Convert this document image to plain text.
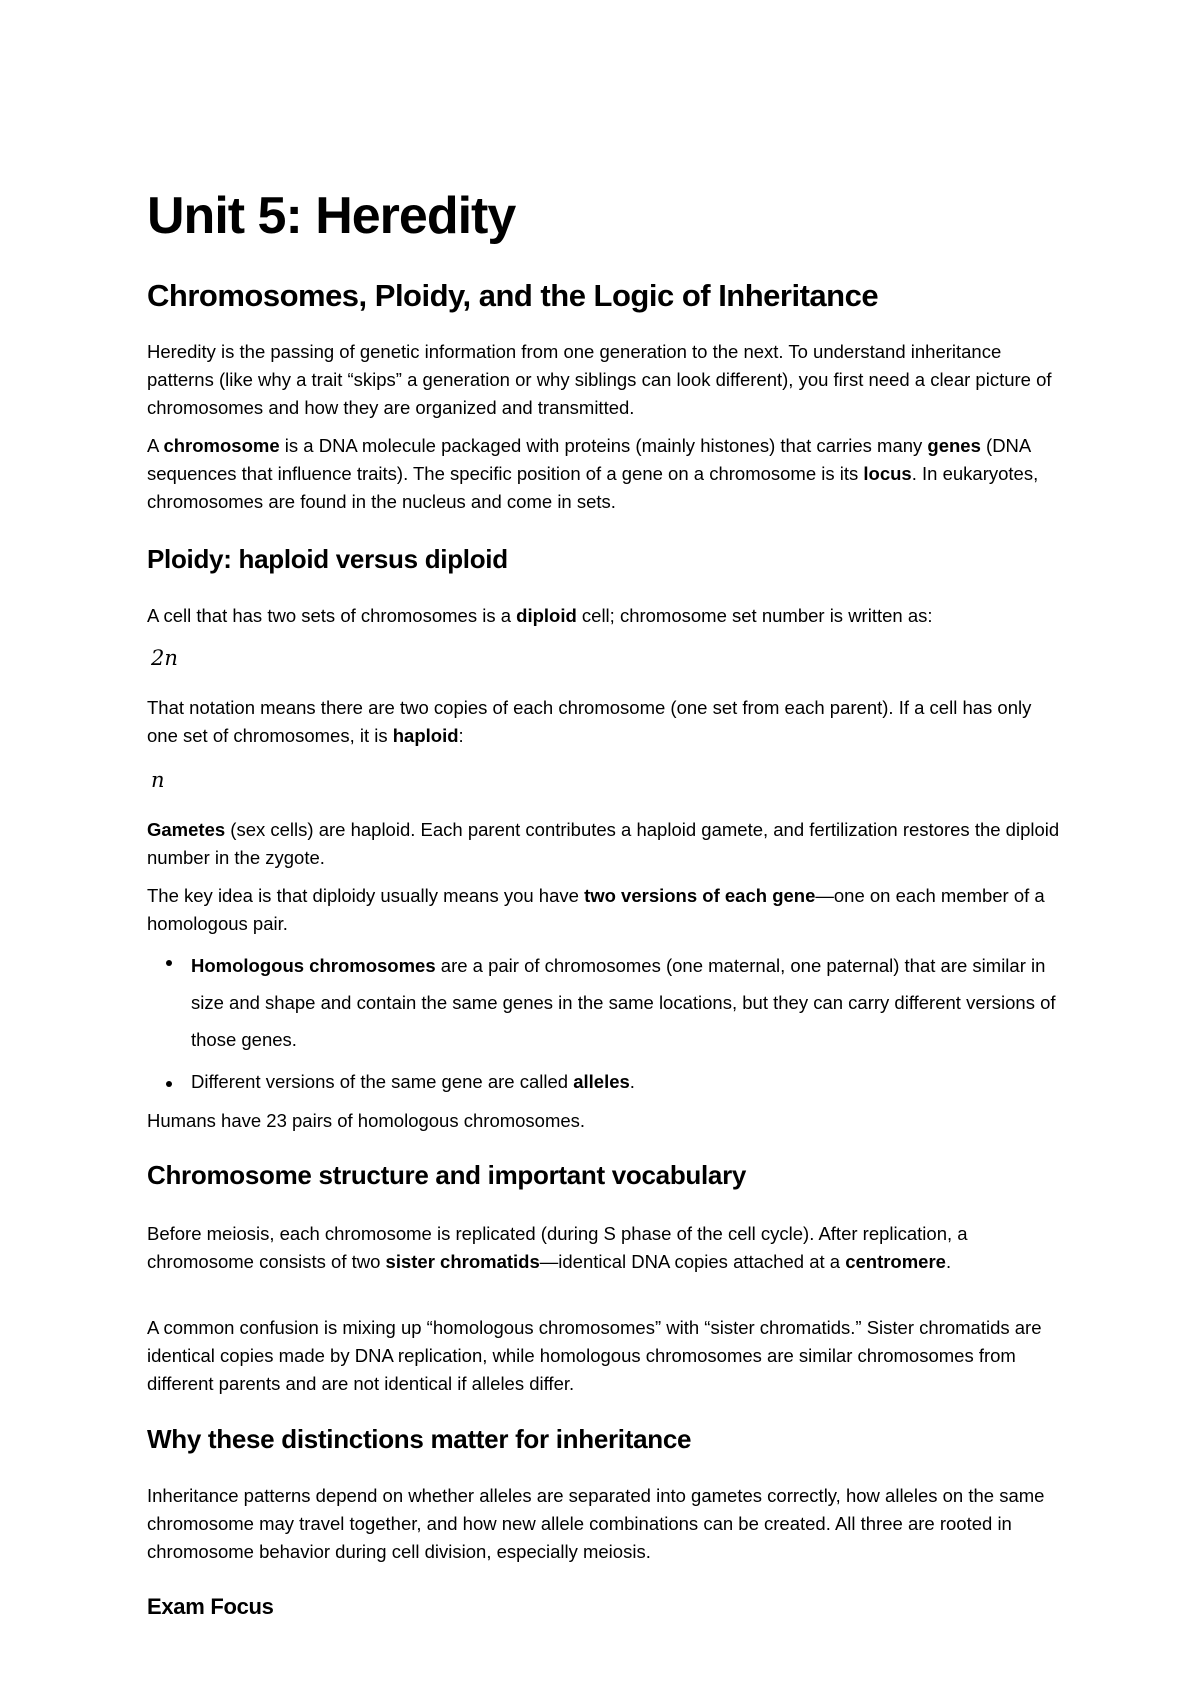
Unit 5: Heredity
Chromosomes, Ploidy, and the Logic of Inheritance

Heredity is the passing of genetic information from one generation to the next. To understand inheritance patterns (like why a trait “skips” a generation or why siblings can look different), you first need a clear picture of chromosomes and how they are organized and transmitted.

A chromosome is a DNA molecule packaged with proteins (mainly histones) that carries many genes (DNA sequences that influence traits). The specific position of a gene on a chromosome is its locus. In eukaryotes, chromosomes are found in the nucleus and come in sets.

Ploidy: haploid versus diploid

A cell that has two sets of chromosomes is a diploid cell; chromosome set number is written as:

2n

That notation means there are two copies of each chromosome (one set from each parent). If a cell has only one set of chromosomes, it is haploid:

n

Gametes (sex cells) are haploid. Each parent contributes a haploid gamete, and fertilization restores the diploid number in the zygote.

The key idea is that diploidy usually means you have two versions of each gene—one on each member of a homologous pair.

Homologous chromosomes are a pair of chromosomes (one maternal, one paternal) that are similar in size and shape and contain the same genes in the same locations, but they can carry different versions of those genes.
Different versions of the same gene are called alleles.

Humans have 23 pairs of homologous chromosomes.

Chromosome structure and important vocabulary

Before meiosis, each chromosome is replicated (during S phase of the cell cycle). After replication, a chromosome consists of two sister chromatids—identical DNA copies attached at a centromere.

A common confusion is mixing up “homologous chromosomes” with “sister chromatids.” Sister chromatids are identical copies made by DNA replication, while homologous chromosomes are similar chromosomes from different parents and are not identical if alleles differ.

Why these distinctions matter for inheritance

Inheritance patterns depend on whether alleles are separated into gametes correctly, how alleles on the same chromosome may travel together, and how new allele combinations can be created. All three are rooted in chromosome behavior during cell division, especially meiosis.

Exam Focus
